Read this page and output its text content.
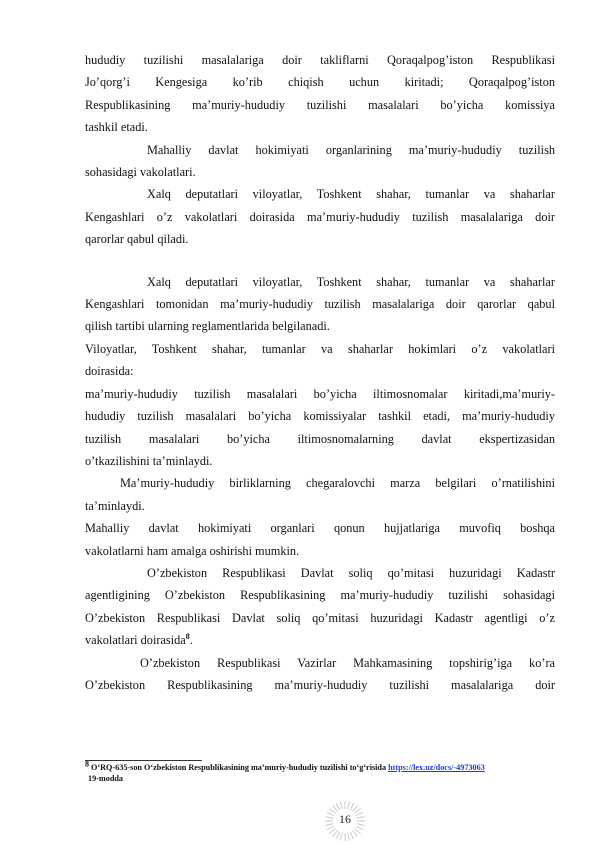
hududiy tuzilishi masalalariga doir takliflarni Qoraqalpog’iston Respublikasi

Jo’qorg’i Kengesiga ko’rib chiqish uchun kiritadi; Qoraqalpog’iston

Respublikasining ma’muriy-hududiy tuzilishi masalalari bo’yicha komissiya

tashkil etadi.

Mahalliy davlat hokimiyati organlarining ma’muriy-hududiy tuzilish

sohasidagi vakolatlari.

Xalq deputatlari viloyatlar, Toshkent shahar, tumanlar va shaharlar

Kengashlari o’z vakolatlari doirasida ma’muriy-hududiy tuzilish masalalariga doir

qarorlar qabul qiladi.

Xalq deputatlari viloyatlar, Toshkent shahar, tumanlar va shaharlar

Kengashlari tomonidan ma’muriy-hududiy tuzilish masalalariga doir qarorlar qabul

qilish tartibi ularning reglamentlarida belgilanadi.

Viloyatlar, Toshkent shahar, tumanlar va shaharlar hokimlari o’z vakolatlari

doirasida:

ma’muriy-hududiy tuzilish masalalari bo’yicha iltimosnomalar kiritadi,ma’muriy-

hududiy tuzilish masalalari bo’yicha komissiyalar tashkil etadi, ma’muriy-hududiy

tuzilish masalalari bo’yicha iltimosnomalarning davlat ekspertizasidan

o’tkazilishini ta’minlaydi.

Ma’muriy-hududiy birliklarning chegaralovchi marza belgilari o’rnatilishini

ta’minlaydi.

Mahalliy davlat hokimiyati organlari qonun hujjatlariga muvofiq boshqa

vakolatlarni ham amalga oshirishi mumkin.

O’zbekiston Respublikasi Davlat soliq qo’mitasi huzuridagi Kadastr

agentligining O’zbekiston Respublikasining ma’muriy-hududiy tuzilishi sohasidagi

O’zbekiston Respublikasi Davlat soliq qo’mitasi huzuridagi Kadastr agentligi o’z

vakolatlari doirasida$^8$.

O’zbekiston Respublikasi Vazirlar Mahkamasining topshirig’iga ko’ra

O’zbekiston Respublikasining ma’muriy-hududiy tuzilishi masalalariga doir

$^8$ O‘RQ-635-son O‘zbekiston Respublikasining ma’muriy-hududiy tuzilishi to‘g‘risida https://lex.uz/docs/-4973063
19-modda
16
